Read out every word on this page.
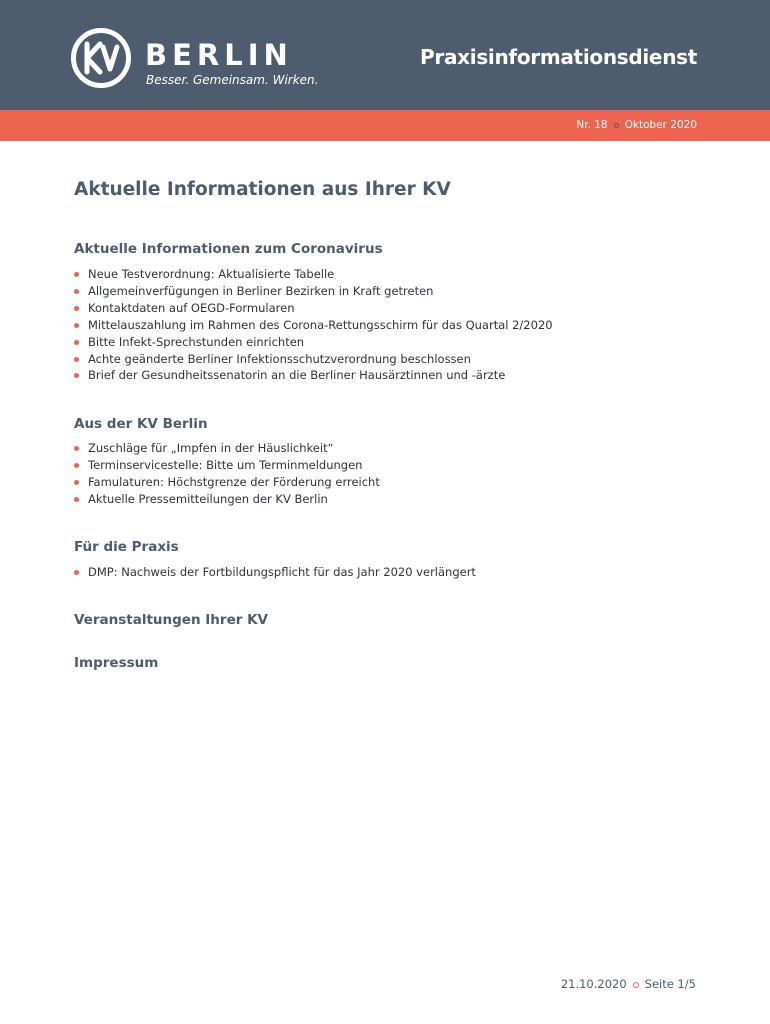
BERLIN
Besser. Gemeinsam. Wirken.
Praxisinformationsdienst
Nr. 18 Oktober 2020
Aktuelle Informationen aus Ihrer KV
Aktuelle Informationen zum Coronavirus
Neue Testverordnung: Aktualisierte Tabelle
Allgemeinverfügungen in Berliner Bezirken in Kraft getreten
Kontaktdaten auf OEGD-Formularen
Mittelauszahlung im Rahmen des Corona-Rettungsschirm für das Quartal 2/2020
Bitte Infekt-Sprechstunden einrichten
Achte geänderte Berliner Infektionsschutzverordnung beschlossen
Brief der Gesundheitssenatorin an die Berliner Hausärztinnen und -ärzte
Aus der KV Berlin
Zuschläge für „Impfen in der Häuslichkeit“
Terminservicestelle: Bitte um Terminmeldungen
Famulaturen: Höchstgrenze der Förderung erreicht
Aktuelle Pressemitteilungen der KV Berlin
Für die Praxis
DMP: Nachweis der Fortbildungspflicht für das Jahr 2020 verlängert
Veranstaltungen Ihrer KV
Impressum
21.10.2020 Seite 1/5
